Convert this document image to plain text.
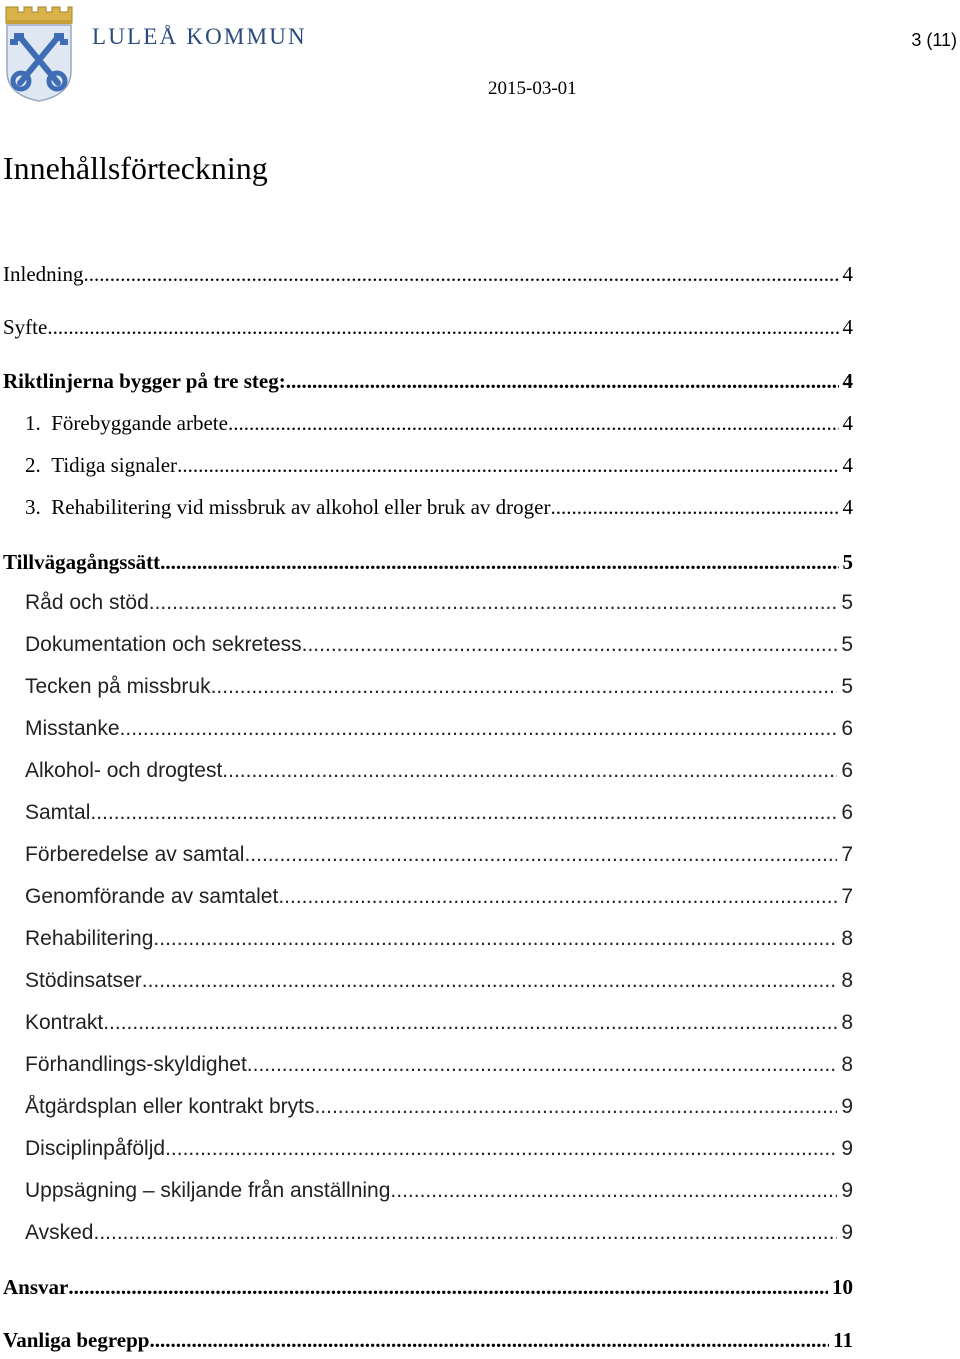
LULEÅ KOMMUN	3 (11)
2015-03-01
Innehållsförteckning
Inledning .....	4
Syfte .....	4
Riktlinjerna bygger på tre steg: .....	4
1.  Förebyggande arbete .....	4
2.  Tidiga signaler .....	4
3.  Rehabilitering vid missbruk av alkohol eller bruk av droger .....	4
Tillvägagångssätt .....	5
Råd och stöd .....	5
Dokumentation och sekretess .....	5
Tecken på missbruk .....	5
Misstanke .....	6
Alkohol- och drogtest .....	6
Samtal .....	6
Förberedelse av samtal .....	7
Genomförande av samtalet .....	7
Rehabilitering .....	8
Stödinsatser .....	8
Kontrakt .....	8
Förhandlings-skyldighet .....	8
Åtgärdsplan eller kontrakt bryts .....	9
Disciplinpåföljd .....	9
Uppsägning – skiljande från anställning .....	9
Avsked .....	9
Ansvar .....	10
Vanliga begrepp .....	11
